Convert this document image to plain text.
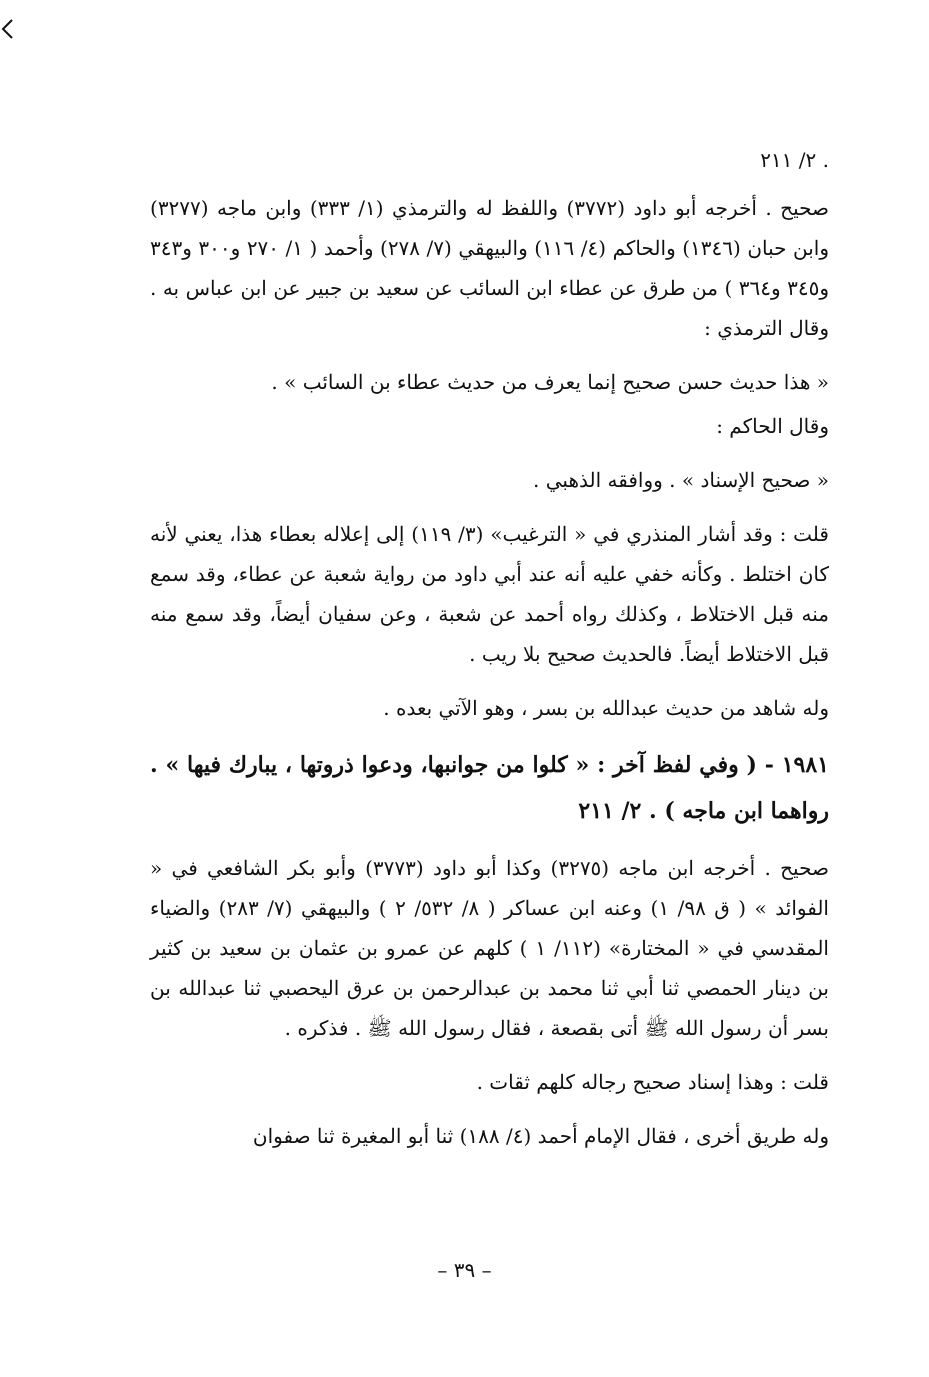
. ٢/ ٢١١

صحيح . أخرجه أبو داود (٣٧٧٢) واللفظ له والترمذي (١/ ٣٣٣) وابن ماجه (٣٢٧٧) وابن حبان (١٣٤٦) والحاكم (٤/ ١١٦) والبيهقي (٧/ ٢٧٨) وأحمد ( ١/ ٢٧٠ و٣٠٠ و٣٤٣ و٣٤٥ و٣٦٤ ) من طرق عن عطاء ابن السائب عن سعيد بن جبير عن ابن عباس به . وقال الترمذي :

« هذا حديث حسن صحيح إنما يعرف من حديث عطاء بن السائب » .

وقال الحاكم :

« صحيح الإسناد » . ووافقه الذهبي .

قلت : وقد أشار المنذري في « الترغيب» (٣/ ١١٩) إلى إعلاله بعطاء هذا، يعني لأنه كان اختلط . وكأنه خفي عليه أنه عند أبي داود من رواية شعبة عن عطاء، وقد سمع منه قبل الاختلاط ، وكذلك رواه أحمد عن شعبة ، وعن سفيان أيضاً، وقد سمع منه قبل الاختلاط أيضاً. فالحديث صحيح بلا ريب .

وله شاهد من حديث عبدالله بن بسر ، وهو الآتي بعده .

١٩٨١ - ( وفي لفظ آخر : « كلوا من جوانبها، ودعوا ذروتها ، يبارك فيها » . رواهما ابن ماجه ) . ٢/ ٢١١

صحيح . أخرجه ابن ماجه (٣٢٧٥) وكذا أبو داود (٣٧٧٣) وأبو بكر الشافعي في « الفوائد » ( ق ٩٨/ ١) وعنه ابن عساكر ( ٨/ ٥٣٢/ ٢ ) والبيهقي (٧/ ٢٨٣) والضياء المقدسي في « المختارة» (١١٢/ ١ ) كلهم عن عمرو بن عثمان بن سعيد بن كثير بن دينار الحمصي ثنا أبي ثنا محمد بن عبدالرحمن بن عرق اليحصبي ثنا عبدالله بن بسر أن رسول الله ﷺ أتى بقصعة ، فقال رسول الله ﷺ . فذكره .

قلت : وهذا إسناد صحيح رجاله كلهم ثقات .

وله طريق أخرى ، فقال الإمام أحمد (٤/ ١٨٨) ثنا أبو المغيرة ثنا صفوان

– ٣٩ –
